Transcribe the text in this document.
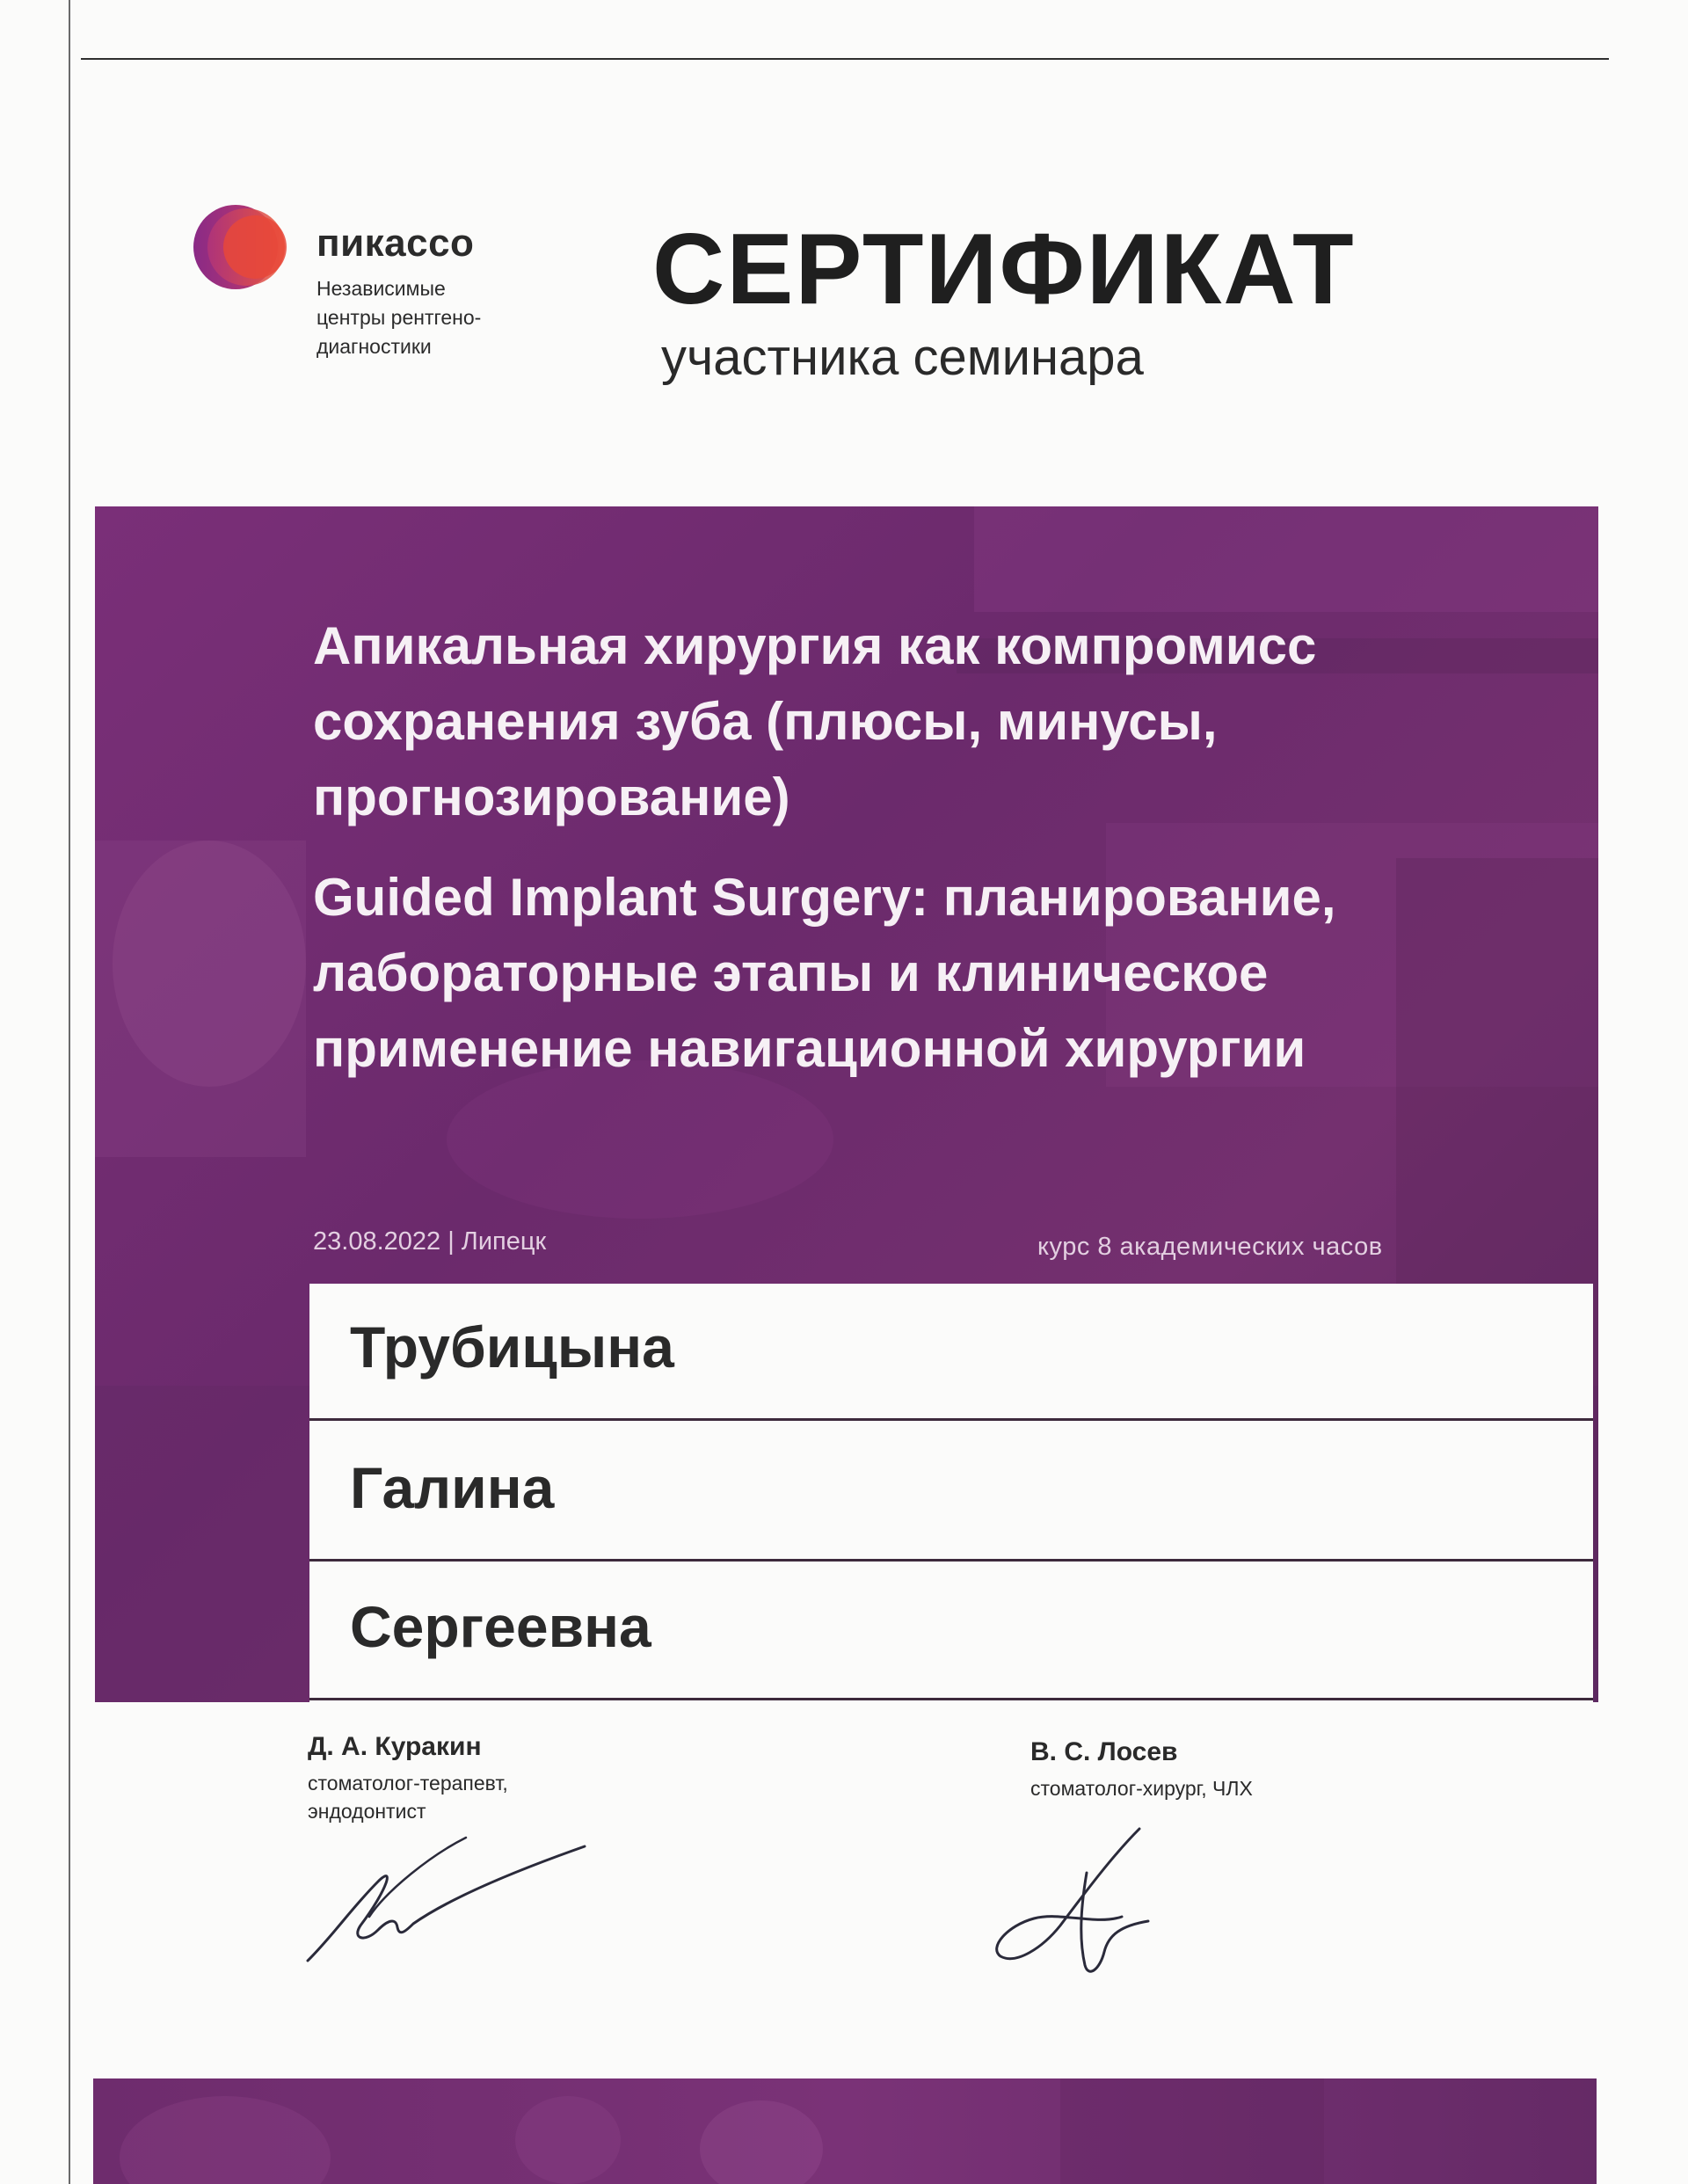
пикассо
Независимые
центры рентгено-
диагностики
СЕРТИФИКАТ
участника семинара

Апикальная хирургия как компромисс

сохранения зуба (плюсы, минусы,

прогнозирование)

Guided Implant Surgery: планирование,

лабораторные этапы и клиническое

применение навигационной хирургии

23.08.2022 | Липецк	курс 8 академических часов
Трубицына
Галина
Сергеевна
Д. А. Куракин
стоматолог-терапевт,
эндодонтист
В. С. Лосев
стоматолог-хирург, ЧЛХ
